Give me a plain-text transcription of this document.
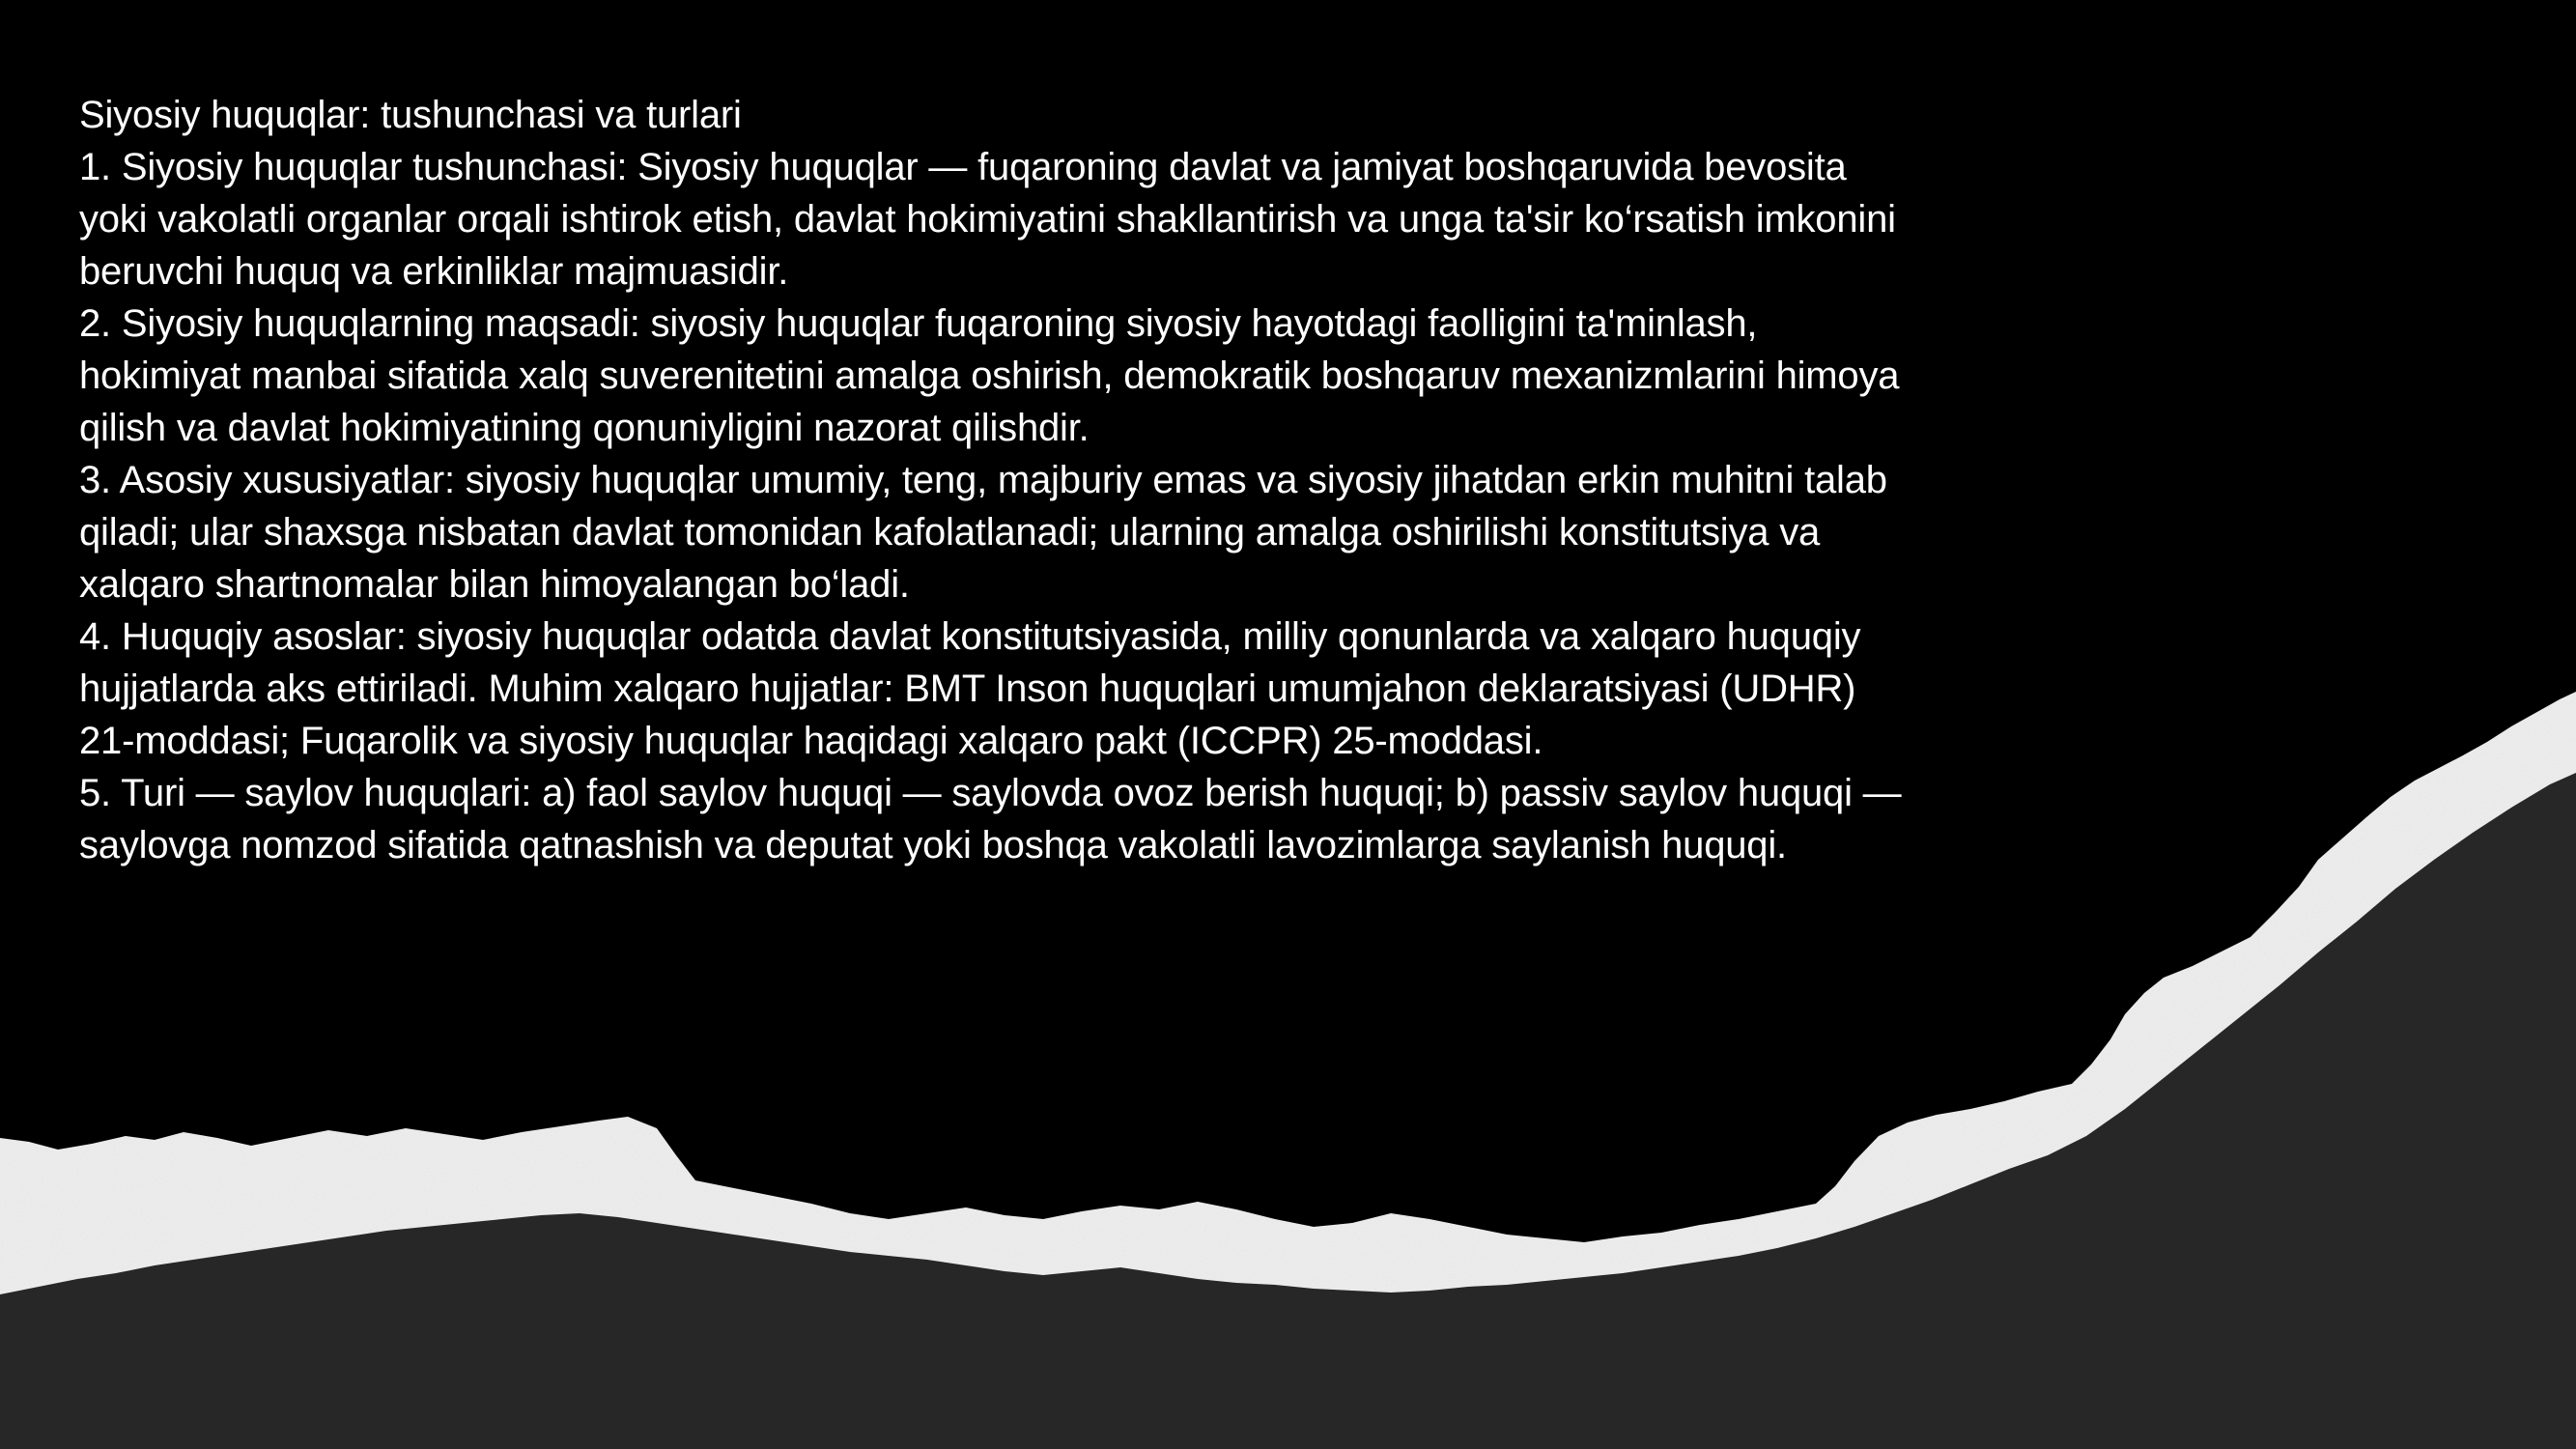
Siyosiy huquqlar: tushunchasi va turlari

1. Siyosiy huquqlar tushunchasi: Siyosiy huquqlar — fuqaroning davlat va jamiyat boshqaruvida bevosita yoki vakolatli organlar orqali ishtirok etish, davlat hokimiyatini shakllantirish va unga ta'sir ko‘rsatish imkonini beruvchi huquq va erkinliklar majmuasidir.

2. Siyosiy huquqlarning maqsadi: siyosiy huquqlar fuqaroning siyosiy hayotdagi faolligini ta'minlash, hokimiyat manbai sifatida xalq suverenitetini amalga oshirish, demokratik boshqaruv mexanizmlarini himoya qilish va davlat hokimiyatining qonuniyligini nazorat qilishdir.

3. Asosiy xususiyatlar: siyosiy huquqlar umumiy, teng, majburiy emas va siyosiy jihatdan erkin muhitni talab qiladi; ular shaxsga nisbatan davlat tomonidan kafolatlanadi; ularning amalga oshirilishi konstitutsiya va xalqaro shartnomalar bilan himoyalangan bo‘ladi.

4. Huquqiy asoslar: siyosiy huquqlar odatda davlat konstitutsiyasida, milliy qonunlarda va xalqaro huquqiy hujjatlarda aks ettiriladi. Muhim xalqaro hujjatlar: BMT Inson huquqlari umumjahon deklaratsiyasi (UDHR) 21-moddasi; Fuqarolik va siyosiy huquqlar haqidagi xalqaro pakt (ICCPR) 25-moddasi.

5. Turi — saylov huquqlari: a) faol saylov huquqi — saylovda ovoz berish huquqi; b) passiv saylov huquqi — saylovga nomzod sifatida qatnashish va deputat yoki boshqa vakolatli lavozimlarga saylanish huquqi.
